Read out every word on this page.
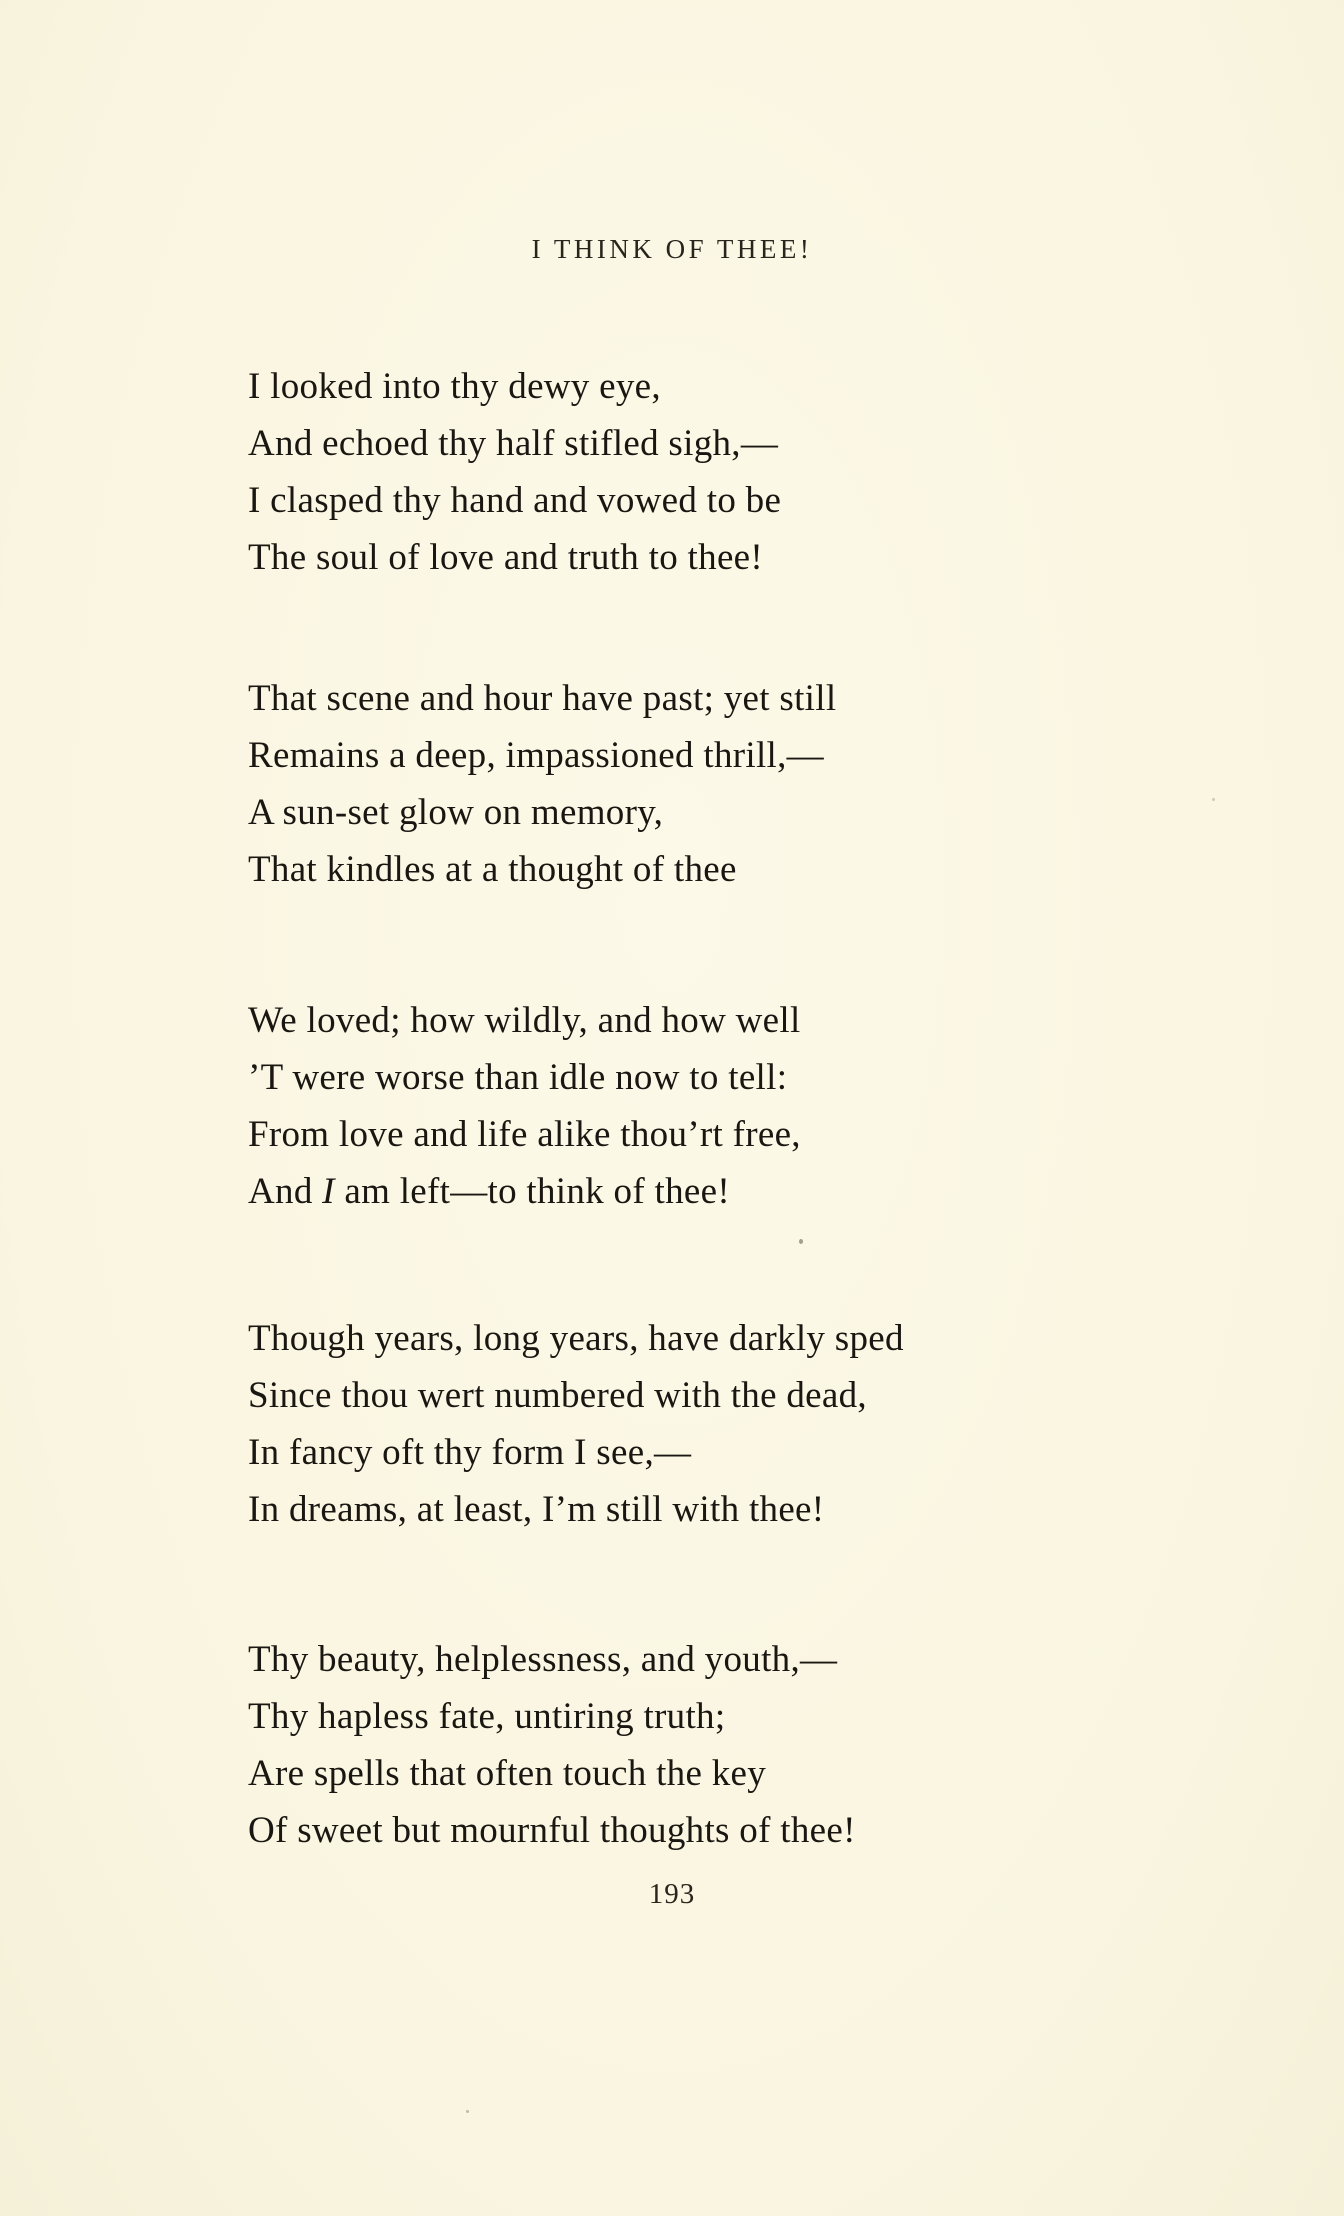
I THINK OF THEE!
I looked into thy dewy eye,
And echoed thy half stifled sigh,—
I clasped thy hand and vowed to be
The soul of love and truth to thee!
That scene and hour have past; yet still
Remains a deep, impassioned thrill,—
A sun-set glow on memory,
That kindles at a thought of thee
We loved; how wildly, and how well
’T were worse than idle now to tell:
From love and life alike thou’rt free,
And I am left—to think of thee!
Though years, long years, have darkly sped
Since thou wert numbered with the dead,
In fancy oft thy form I see,—
In dreams, at least, I’m still with thee!
Thy beauty, helplessness, and youth,—
Thy hapless fate, untiring truth;
Are spells that often touch the key
Of sweet but mournful thoughts of thee!
193
